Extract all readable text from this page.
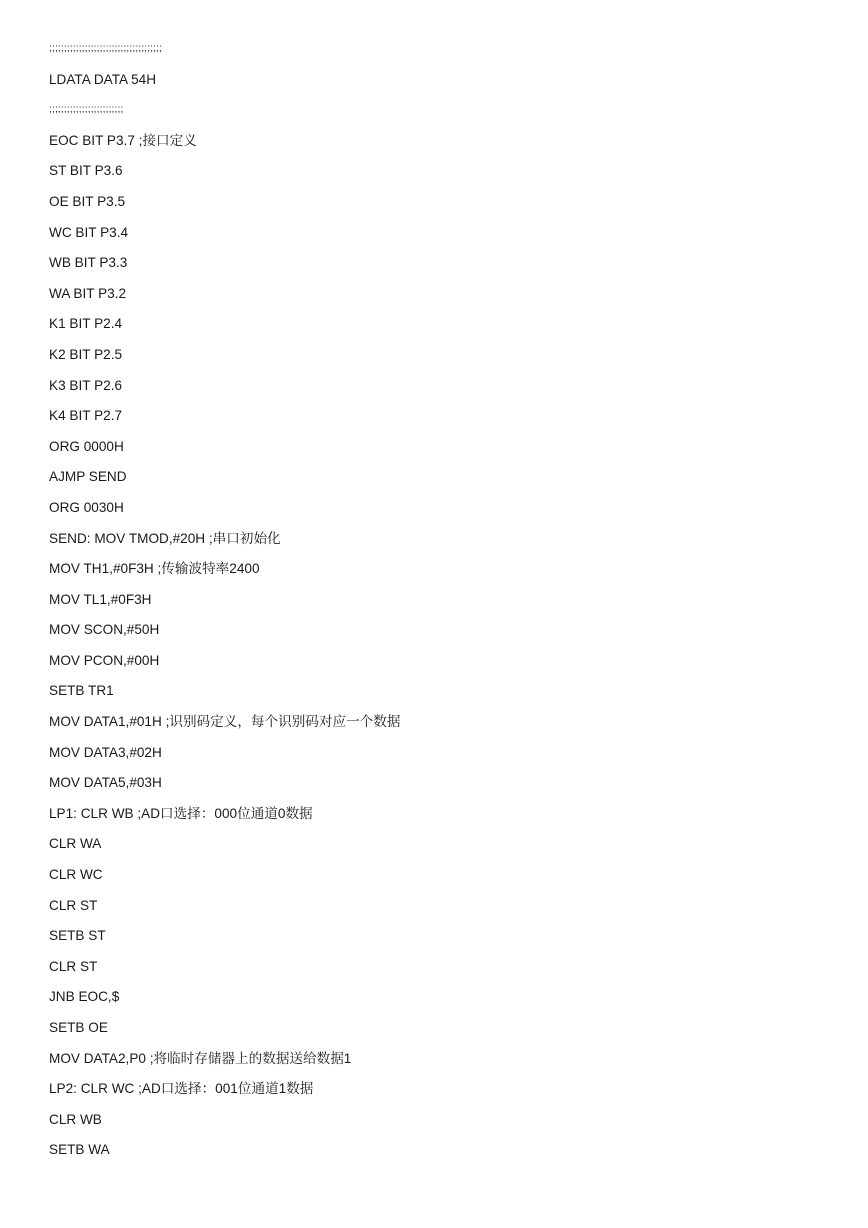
;;;;;;;;;;;;;;;;;;;;;;;;;;;;;;;;;;;;;;
LDATA DATA 54H
;;;;;;;;;;;;;;;;;;;;;;;;;
EOC BIT P3.7 ;接口定义
ST BIT P3.6
OE BIT P3.5
WC BIT P3.4
WB BIT P3.3
WA BIT P3.2
K1 BIT P2.4
K2 BIT P2.5
K3 BIT P2.6
K4 BIT P2.7
ORG 0000H
AJMP SEND
ORG 0030H
SEND: MOV TMOD,#20H ;串口初始化
MOV TH1,#0F3H ;传输波特率2400
MOV TL1,#0F3H
MOV SCON,#50H
MOV PCON,#00H
SETB TR1
MOV DATA1,#01H ;识别码定义，每个识别码对应一个数据
MOV DATA3,#02H
MOV DATA5,#03H
LP1: CLR WB ;AD口选择：000位通道0数据
CLR WA
CLR WC
CLR ST
SETB ST
CLR ST
JNB EOC,$
SETB OE
MOV DATA2,P0 ;将临时存储器上的数据送给数据1
LP2: CLR WC ;AD口选择：001位通道1数据
CLR WB
SETB WA
